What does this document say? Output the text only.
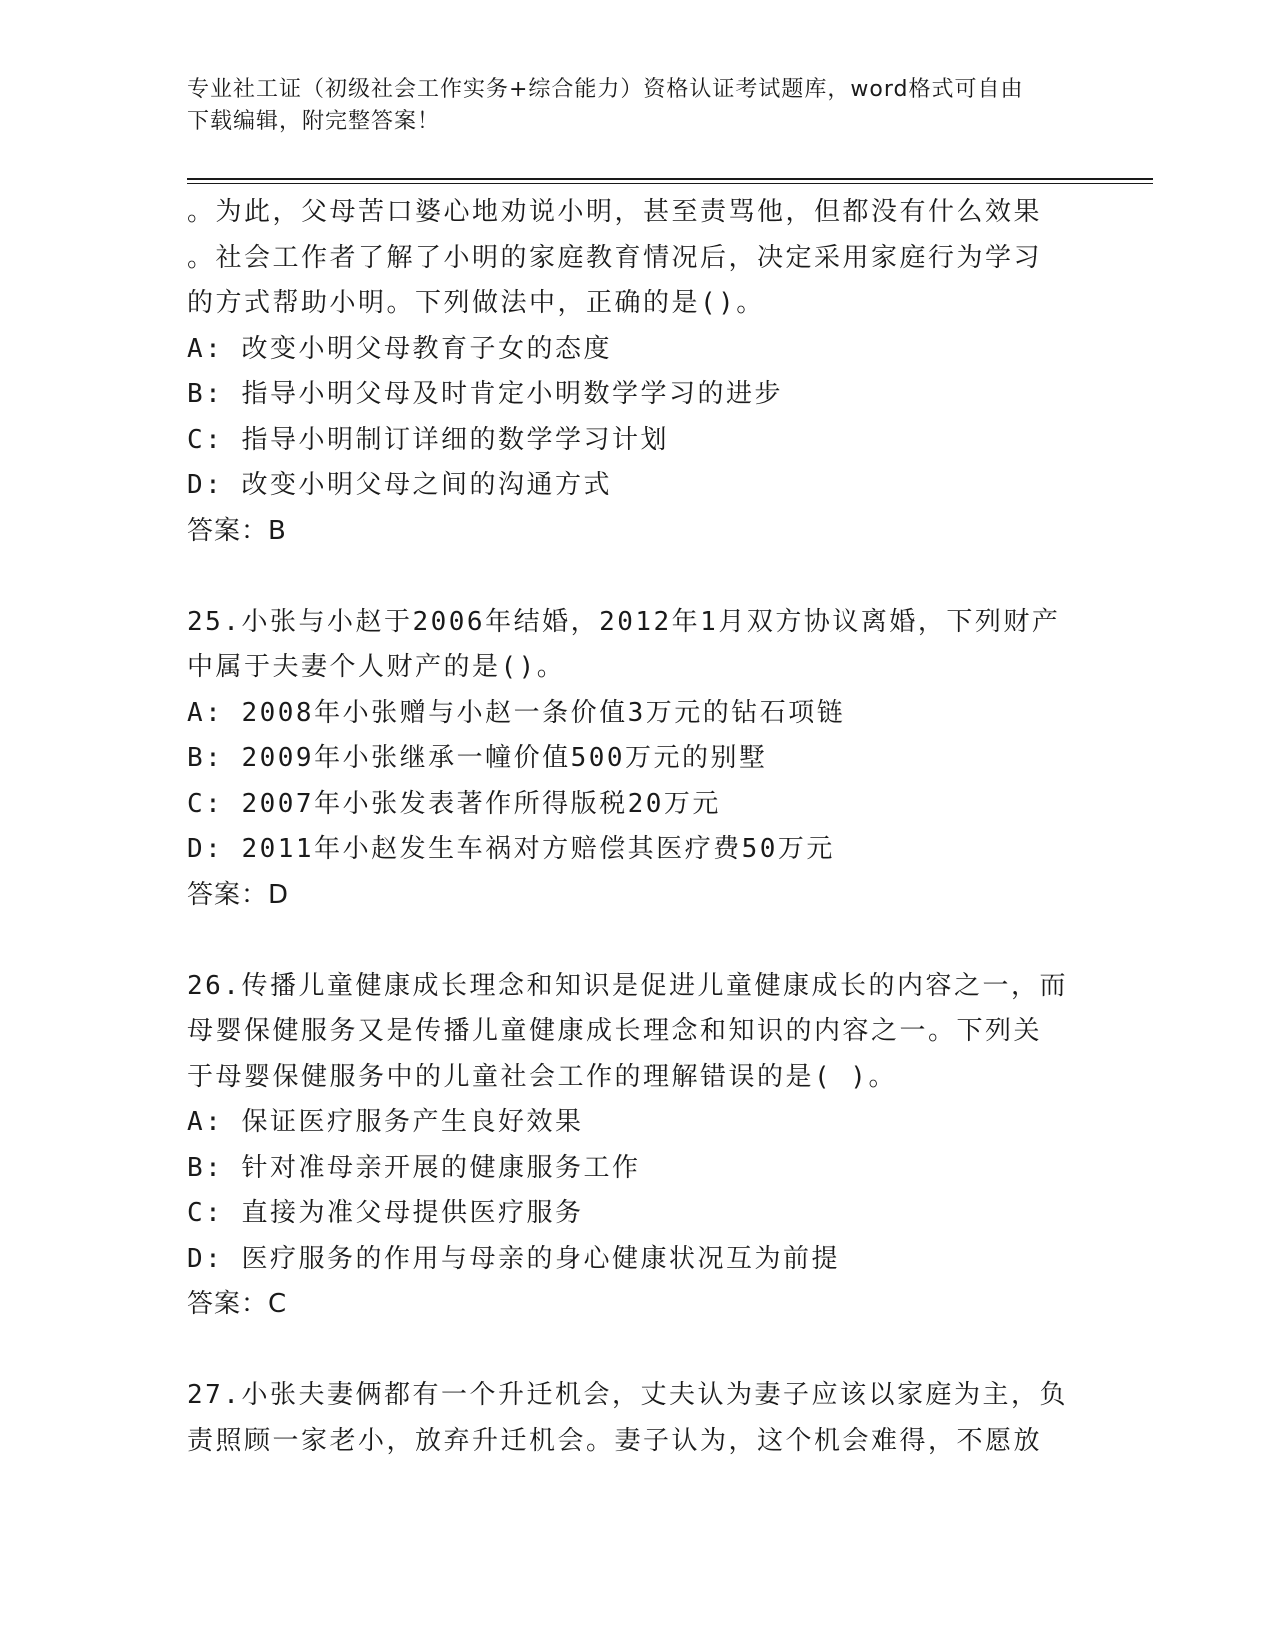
专业社工证（初级社会工作实务+综合能力）资格认证考试题库，word格式可自由
下载编辑，附完整答案！

。为此，父母苦口婆心地劝说小明，甚至责骂他，但都没有什么效果

。社会工作者了解了小明的家庭教育情况后，决定采用家庭行为学习

的方式帮助小明。下列做法中，正确的是()。

A: 改变小明父母教育子女的态度

B: 指导小明父母及时肯定小明数学学习的进步

C: 指导小明制订详细的数学学习计划

D: 改变小明父母之间的沟通方式

答案：B

25.小张与小赵于2006年结婚，2012年1月双方协议离婚，下列财产

中属于夫妻个人财产的是()。

A: 2008年小张赠与小赵一条价值3万元的钻石项链

B: 2009年小张继承一幢价值500万元的别墅

C: 2007年小张发表著作所得版税20万元

D: 2011年小赵发生车祸对方赔偿其医疗费50万元

答案：D

26.传播儿童健康成长理念和知识是促进儿童健康成长的内容之一，而

母婴保健服务又是传播儿童健康成长理念和知识的内容之一。下列关

于母婴保健服务中的儿童社会工作的理解错误的是( )。

A: 保证医疗服务产生良好效果

B: 针对准母亲开展的健康服务工作

C: 直接为准父母提供医疗服务

D: 医疗服务的作用与母亲的身心健康状况互为前提

答案：C

27.小张夫妻俩都有一个升迁机会，丈夫认为妻子应该以家庭为主，负

责照顾一家老小，放弃升迁机会。妻子认为，这个机会难得，不愿放
